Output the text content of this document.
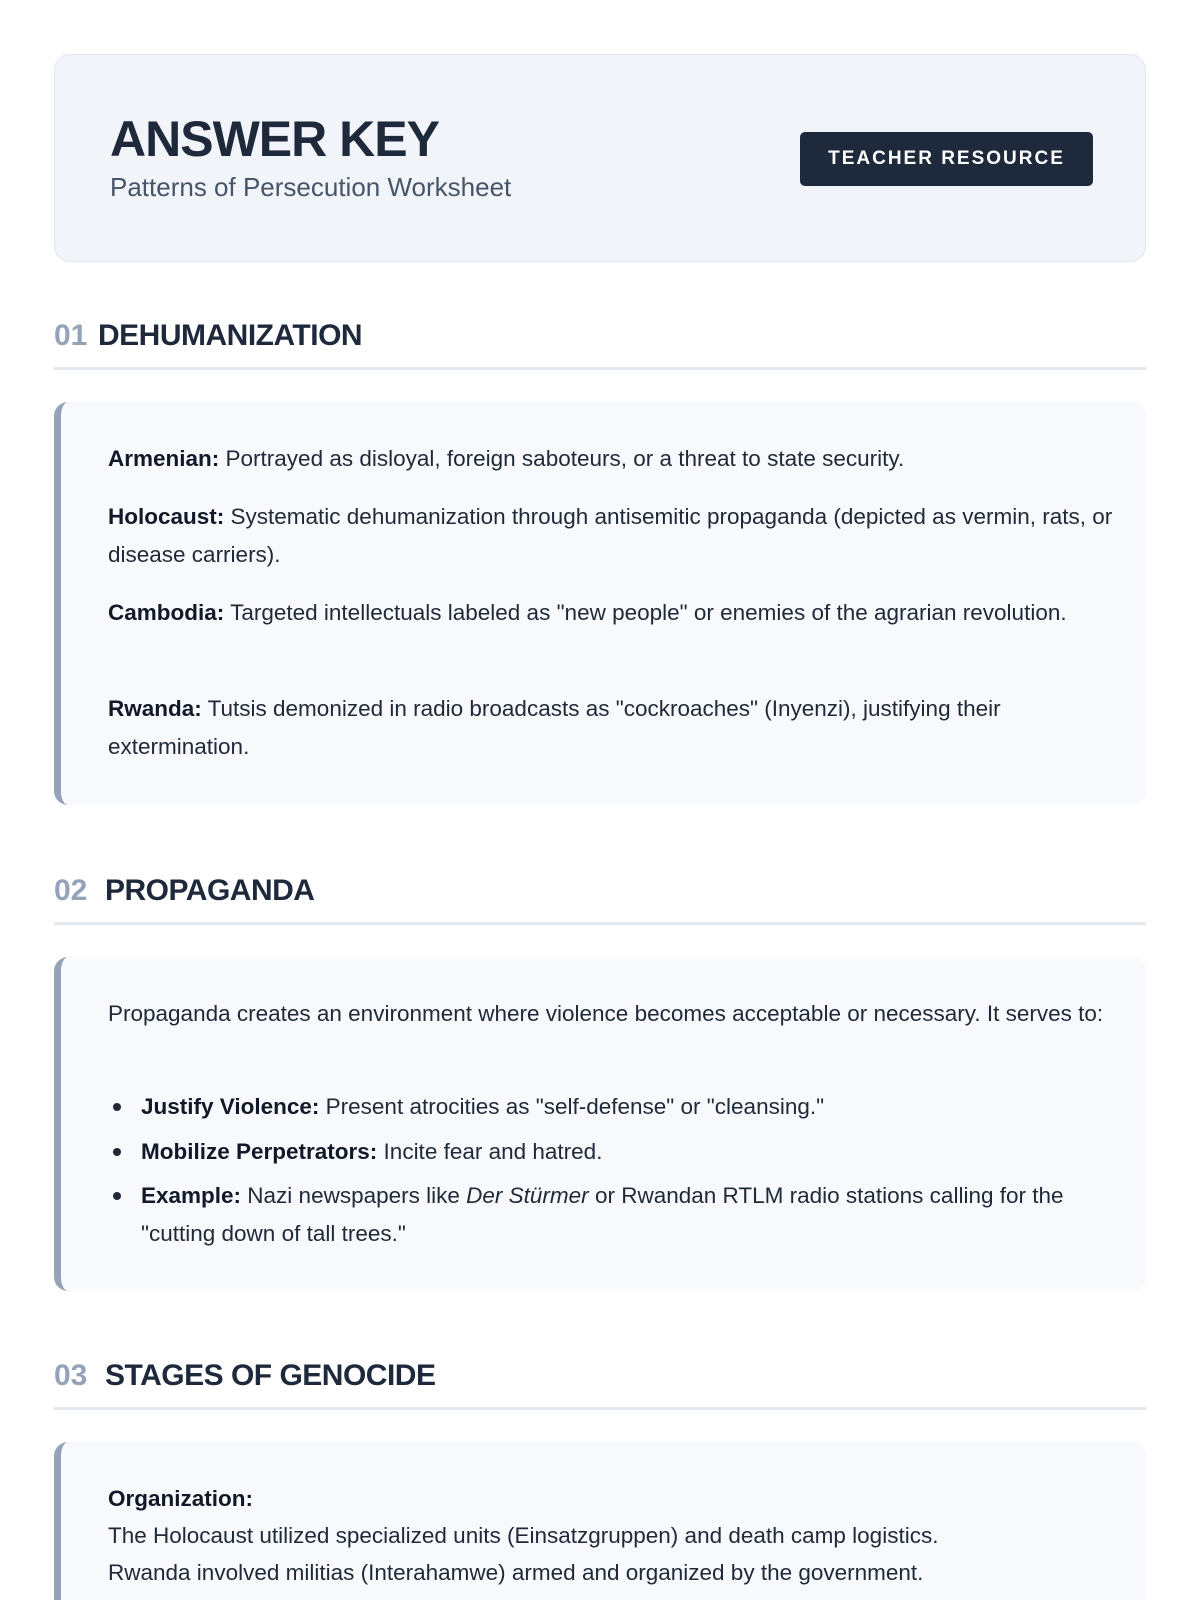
ANSWER KEY
Patterns of Persecution Worksheet
TEACHER RESOURCE
01 DEHUMANIZATION
Armenian: Portrayed as disloyal, foreign saboteurs, or a threat to state security.
Holocaust: Systematic dehumanization through antisemitic propaganda (depicted as vermin, rats, or disease carriers).
Cambodia: Targeted intellectuals labeled as "new people" or enemies of the agrarian revolution.
Rwanda: Tutsis demonized in radio broadcasts as "cockroaches" (Inyenzi), justifying their extermination.
02 PROPAGANDA
Propaganda creates an environment where violence becomes acceptable or necessary. It serves to:
Justify Violence: Present atrocities as "self-defense" or "cleansing."
Mobilize Perpetrators: Incite fear and hatred.
Example: Nazi newspapers like Der Stürmer or Rwandan RTLM radio stations calling for the "cutting down of tall trees."
03 STAGES OF GENOCIDE
Organization:
The Holocaust utilized specialized units (Einsatzgruppen) and death camp logistics.
Rwanda involved militias (Interahamwe) armed and organized by the government.
